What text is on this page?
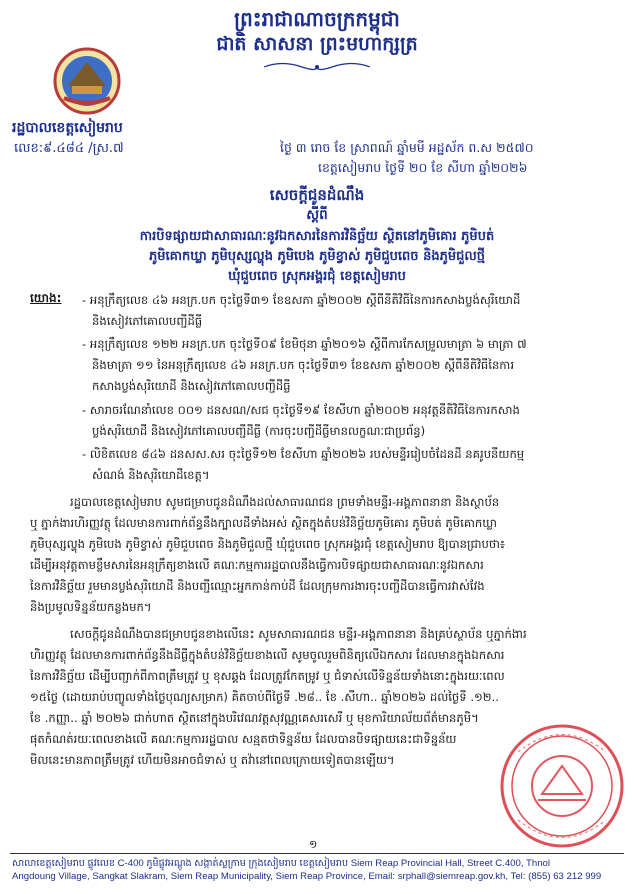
ព្រះរាជាណាចក្រកម្ពុជា
ជាតិ សាសនា ព្រះមហាក្សត្រ
រដ្ឋបាលខេត្តសៀមរាប
លេខ:៩.៤៨៤ /ស្រ.៧	ថ្ងៃ ៣ រោច ខែ ស្រាពណ៍ ឆ្នាំមមី អដ្ឋស័ក ព.ស ២៥៧០
ខេត្តសៀមរាប ថ្ងៃទី ២០ ខែ សីហា ឆ្នាំ២០២៦
សេចក្តីជូនដំណឹង
ស្តីពី
ការបិទផ្សាយជាសាធារណៈនូវឯកសារនៃការវិនិច្ឆ័យ ស្ថិតនៅភូមិគោរ ភូមិបត់
ភូមិគោកឃ្លា ភូមិបុស្សល្ហុង ភូមិបេង ភូមិខ្វាស់ ភូមិជួបពេច និងភូមិជួលថ្មី
ឃុំជួបពេច ស្រុកអង្គរជុំ ខេត្តសៀមរាប
យោង: - អនុក្រឹត្យលេខ ៤៦ អនក្រ.បក ចុះថ្ងៃទី៣១ ខែឧសភា ឆ្នាំ២០០២ ស្តីពីនីតិវិធីនៃការកសាងប្លង់សុរិយោដី
និងសៀវភៅគោលបញ្ជីដីធ្លី
- អនុក្រឹត្យលេខ ១២២ អនក្រ.បក ចុះថ្ងៃទី០៩ ខែមិថុនា ឆ្នាំ២០១៦ ស្តីពីការកែសម្រួលមាត្រា ៦ មាត្រា ៧
និងមាត្រា ១១ នៃអនុក្រឹត្យលេខ ៤៦ អនក្រ.បក ចុះថ្ងៃទី៣១ ខែឧសភា ឆ្នាំ២០០២ ស្តីពីនីតិវិធីនៃការ
កសាងប្លង់សុរិយោដី និងសៀវភៅគោលបញ្ជីដីធ្លី
- សារាចរណែនាំលេខ ០០១ ដនសណ/សជ ចុះថ្ងៃទី១៩ ខែសីហា ឆ្នាំ២០០២ អនុវត្តនីតិវិធីនៃការកសាង
ប្លង់សុរិយោដី និងសៀវភៅគោលបញ្ជីដីធ្លី (ការចុះបញ្ជីដីធ្លីមានលក្ខណៈជាប្រព័ន្ធ)
- លិខិតលេខ ៨៤៦ ដនសស.សរ ចុះថ្ងៃទី១២ ខែសីហា ឆ្នាំ២០២៦ របស់មន្ទីររៀបចំដែនដី នគរូបនីយកម្ម
សំណង់ និងសុរិយោដីខេត្ត។
រដ្ឋបាលខេត្តសៀមរាប សូមជម្រាបជូនដំណឹងដល់សាធារណជន ព្រមទាំងមន្ទីរ-អង្គភាពនានា និងស្ថាប័ន
ឬ ភ្នាក់ងារហិរញ្ញវត្ថុ ដែលមានការពាក់ព័ន្ធនឹងក្បាលដីទាំងអស់ ស្ថិតក្នុងតំបន់វិនិច្ឆ័យភូមិគោរ ភូមិបត់ ភូមិគោកឃ្លា
ភូមិបុស្សល្ហុង ភូមិបេង ភូមិខ្វាស់ ភូមិជួបពេច និងភូមិជួលថ្មី ឃុំជួបពេច ស្រុកអង្គរជុំ ខេត្តសៀមរាប ឱ្យបានជ្រាបថា៖
ដើម្បីអនុវត្តតាមខ្លឹមសារនៃអនុក្រឹត្យខាងលើ គណៈកម្មការរដ្ឋបាលនឹងធ្វើការបិទផ្សាយជាសាធារណៈនូវឯកសារ
នៃការវិនិច្ឆ័យ រួមមានប្លង់សុរិយោដី និងបញ្ជីឈ្មោះអ្នកកាន់កាប់ដី ដែលក្រុមការងារចុះបញ្ជីដីបានធ្វើការវាស់វែង
និងប្រមូលទិន្នន័យកន្លងមក។
សេចក្តីជូនដំណឹងបានជម្រាបជូនខាងលើនេះ សូមសាធារណជន មន្ទីរ-អង្គភាពនានា និងគ្រប់ស្ថាប័ន ឬភ្នាក់ងារ
ហិរញ្ញវត្ថុ ដែលមានការពាក់ព័ន្ធនឹងដីធ្លីក្នុងតំបន់វិនិច្ឆ័យខាងលើ សូមចូលរួមពិនិត្យលើឯកសារ ដែលមានក្នុងឯកសារ
នៃការវិនិច្ឆ័យ ដើម្បីបញ្ជាក់ពីភាពត្រឹមត្រូវ ឬ ខុសឆ្គង ដែលត្រូវកែតម្រូវ ឬ ជំទាស់លើទិន្នន័យទាំងនោះក្នុងរយៈពេល
១៥ថ្ងៃ (ដោយរាប់បញ្ចូលទាំងថ្ងៃបុណ្យសម្រាក) គិតចាប់ពីថ្ងៃទី .២៨.. ខែ .សីហា.. ឆ្នាំ២០២៦ ដល់ថ្ងៃទី .១២..
ខែ .កញ្ញា.. ឆ្នាំ ២០២៦ ជាក់ហាត ស្ថិតនៅក្នុងបរិវេណវត្តសុវណ្ណគេសរសេរី ឬ មុខការិយាល័យព័ត៌មានភូមិ។
ផុតកំណត់រយៈពេលខាងលើ គណៈកម្មការរដ្ឋបាល សន្មតថាទិន្នន័យ ដែលបានបិទផ្សាយនេះជាទិន្នន័យ
មិលនេះមានភាពត្រឹមត្រូវ ហើយមិនអាចជំទាស់ ឬ តវ៉ានៅពេលក្រោយទៀតបានឡើយ។
១
សាលាខេត្តសៀមរាប ផ្លូវលេខ C-400 ភូមិផ្លូវអណ្តូង សង្កាត់ស្លក្រាម ក្រុងសៀមរាប ខេត្តសៀមរាប Siem Reap Provincial Hall, Street C.400, Thnol
Angdoung Village, Sangkat Slakram, Siem Reap Municipality, Siem Reap Province, Email: srphall@siemreap.gov.kh, Tel: (855) 63 212 999
